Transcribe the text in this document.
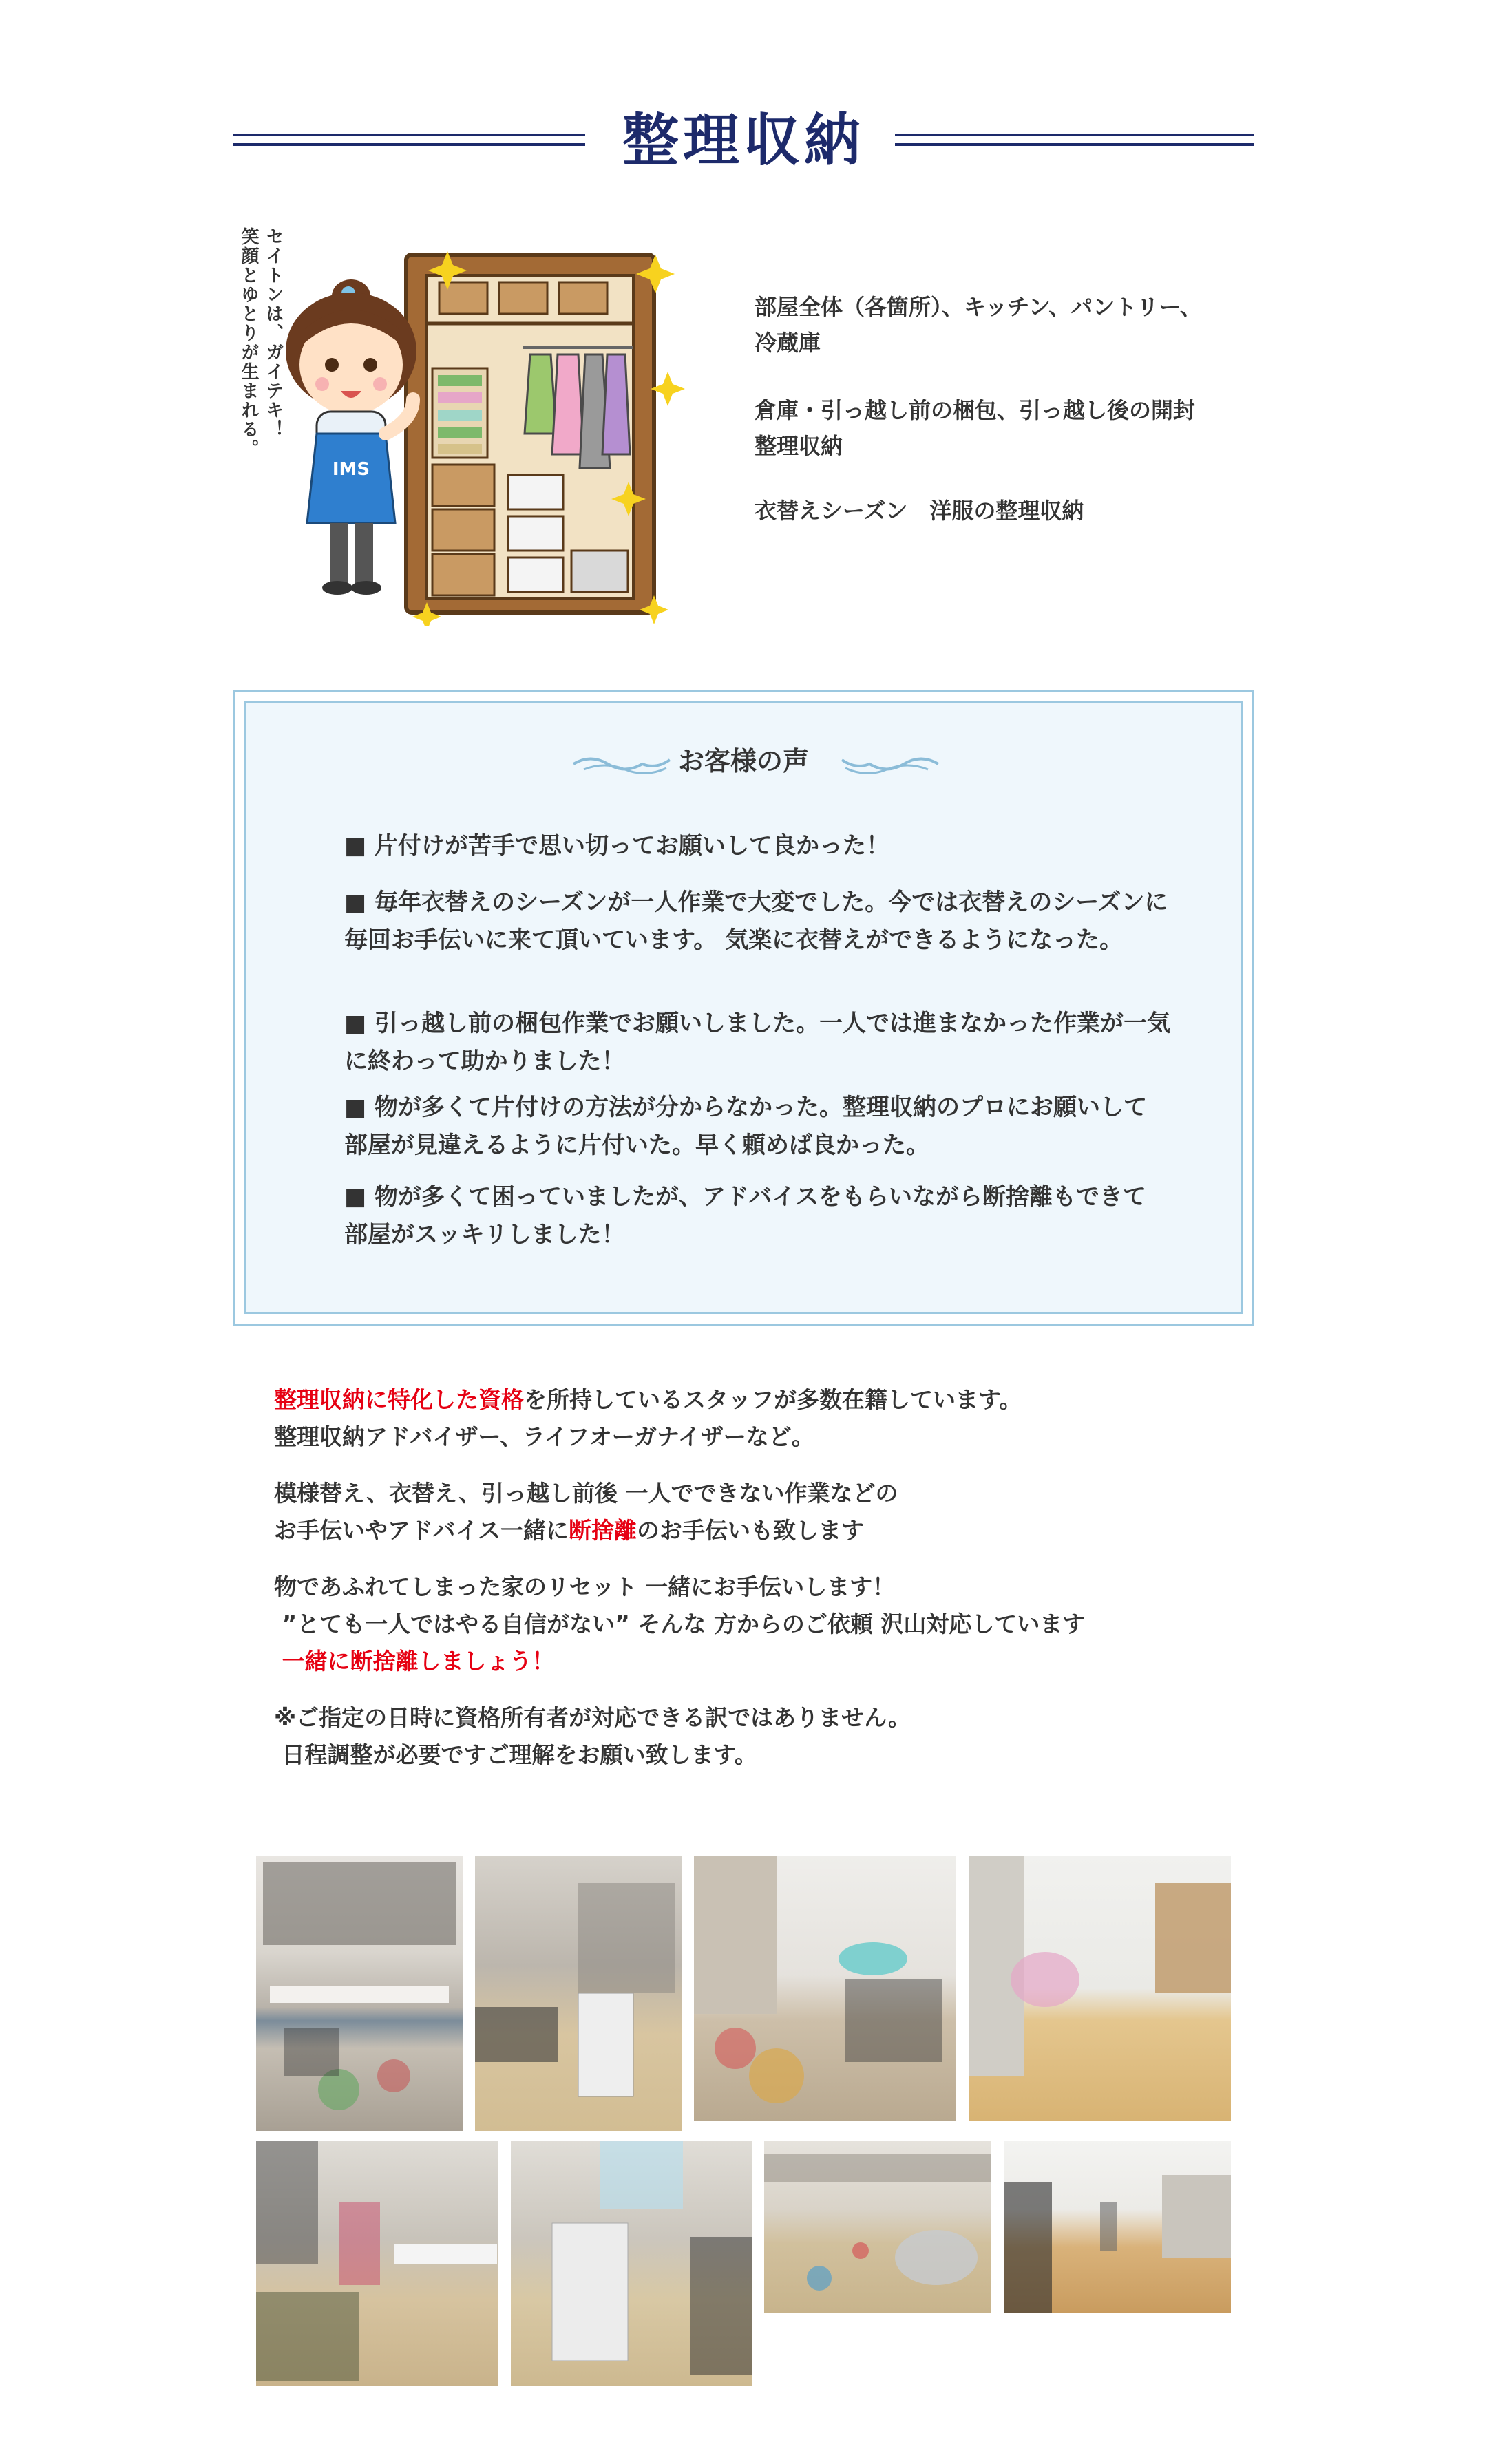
整理収納
セイトンは、ガイテキ！
笑顔とゆとりが生まれる。
IMS
部屋全体（各箇所）、キッチン、パントリー、
冷蔵庫
倉庫・引っ越し前の梱包、引っ越し後の開封
整理収納
衣替えシーズン　洋服の整理収納
お客様の声
■ 片付けが苦手で思い切ってお願いして良かった！
■ 毎年衣替えのシーズンが一人作業で大変でした。今では衣替えのシーズンに 毎回お手伝いに来て頂いています。 気楽に衣替えができるようになった。
■ 引っ越し前の梱包作業でお願いしました。一人では進まなかった作業が一気に終わって助かりました！
■ 物が多くて片付けの方法が分からなかった。整理収納のプロにお願いして 部屋が見違えるように片付いた。早く頼めば良かった。
■ 物が多くて困っていましたが、アドバイスをもらいながら断捨離もできて 部屋がスッキリしました！
整理収納に特化した資格を所持しているスタッフが多数在籍しています。
整理収納アドバイザー、ライフオーガナイザーなど。
模様替え、衣替え、引っ越し前後 一人でできない作業などの
お手伝いやアドバイス一緒に断捨離のお手伝いも致します
物であふれてしまった家のリセット 一緒にお手伝いします！
”とても一人ではやる自信がない” そんな 方からのご依頼 沢山対応しています
一緒に断捨離しましょう！
※ご指定の日時に資格所有者が対応できる訳ではありません。
日程調整が必要ですご理解をお願い致します。
